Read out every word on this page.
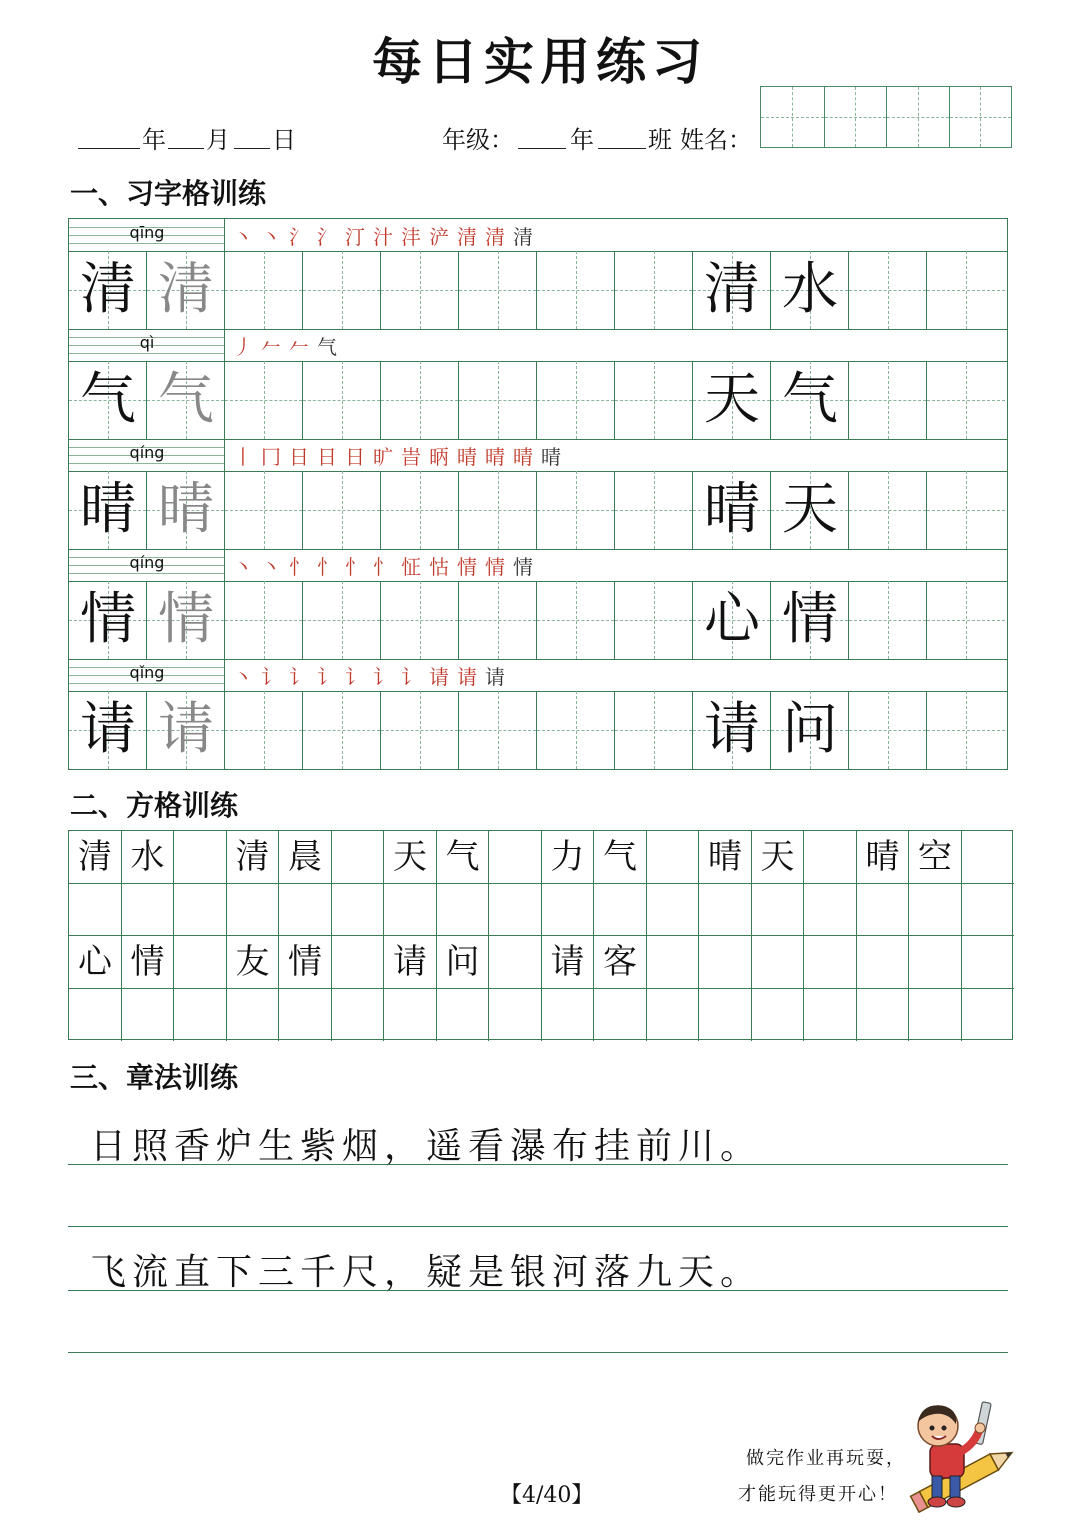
每日实用练习
年 月 日	年级： 年 班 姓名：
一、习字格训练
qīng	丶丶氵氵汀汁沣浐清清清
清 清	清 水
qì	丿𠂉𠂉气
气 气	天 气
qíng	丨冂日日日旷旹昞晴晴晴晴
晴 晴	晴 天
qíng	丶丶忄忄忄忄怔怙情情情
情 情	心 情
qǐng	丶讠讠讠讠讠讠请请请
请 请	请 问
二、方格训练
清 水 清 晨 天 气 力 气 晴 天 晴 空
心 情 友 情 请 问 请 客
三、章法训练
日照香炉生紫烟，遥看瀑布挂前川。
飞流直下三千尺，疑是银河落九天。
【4/40】
做完作业再玩耍，
才能玩得更开心！
